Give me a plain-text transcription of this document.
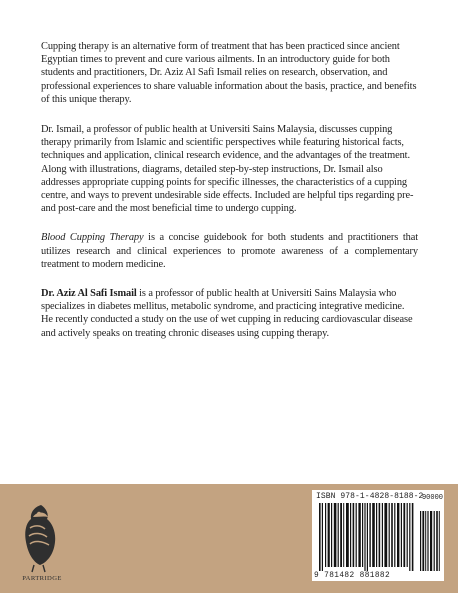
Cupping therapy is an alternative form of treatment that has been practiced since ancient Egyptian times to prevent and cure various ailments. In an introductory guide for both students and practitioners, Dr. Aziz Al Safi Ismail relies on research, observation, and professional experiences to share valuable information about the basis, practice, and benefits of this unique therapy.

Dr. Ismail, a professor of public health at Universiti Sains Malaysia, discusses cupping therapy primarily from Islamic and scientific perspectives while featuring historical facts, techniques and application, clinical research evidence, and the advantages of the treatment. Along with illustrations, diagrams, detailed step-by-step instructions, Dr. Ismail also addresses appropriate cupping points for specific illnesses, the characteristics of a cupping centre, and ways to prevent undesirable side effects. Included are helpful tips regarding pre- and post-care and the most beneficial time to undergo cupping.

Blood Cupping Therapy is a concise guidebook for both students and practitioners that utilizes research and clinical experiences to promote awareness of a complementary treatment to modern medicine.

Dr. Aziz Al Safi Ismail is a professor of public health at Universiti Sains Malaysia who specializes in diabetes mellitus, metabolic syndrome, and practicing integrative medicine. He recently conducted a study on the use of wet cupping in reducing cardiovascular disease and actively speaks on treating chronic diseases using cupping therapy.

PARTRIDGE
ISBN 978-1-4828-8188-2
90000
9 781482 881882
